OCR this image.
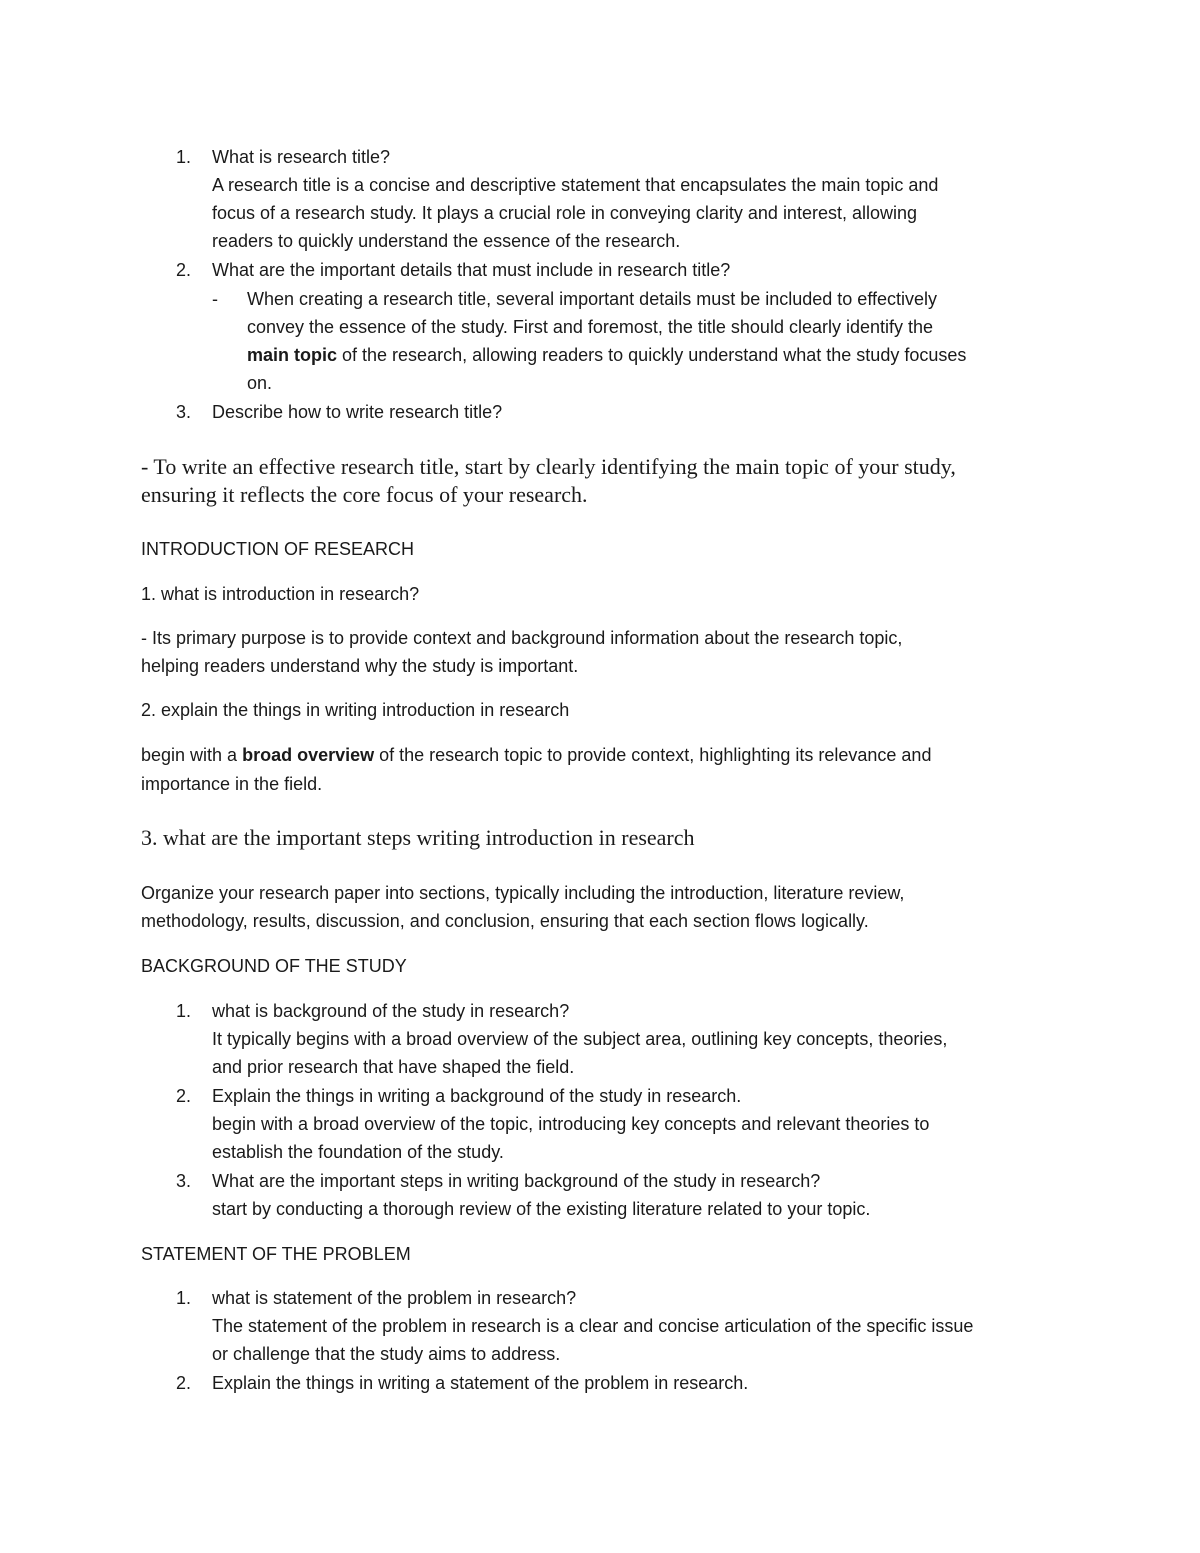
1. What is research title?
A research title is a concise and descriptive statement that encapsulates the main topic and
focus of a research study. It plays a crucial role in conveying clarity and interest, allowing
readers to quickly understand the essence of the research.
2. What are the important details that must include in research title?
- When creating a research title, several important details must be included to effectively
convey the essence of the study. First and foremost, the title should clearly identify the
main topic of the research, allowing readers to quickly understand what the study focuses
on.
3. Describe how to write research title?
- To write an effective research title, start by clearly identifying the main topic of your study,
ensuring it reflects the core focus of your research.
INTRODUCTION OF RESEARCH
1. what is introduction in research?
- Its primary purpose is to provide context and background information about the research topic,
helping readers understand why the study is important.
2. explain the things in writing introduction in research
begin with a broad overview of the research topic to provide context, highlighting its relevance and
importance in the field.
3. what are the important steps writing introduction in research
Organize your research paper into sections, typically including the introduction, literature review,
methodology, results, discussion, and conclusion, ensuring that each section flows logically.
BACKGROUND OF THE STUDY
1. what is background of the study in research?
It typically begins with a broad overview of the subject area, outlining key concepts, theories,
and prior research that have shaped the field.
2. Explain the things in writing a background of the study in research.
begin with a broad overview of the topic, introducing key concepts and relevant theories to
establish the foundation of the study.
3. What are the important steps in writing background of the study in research?
start by conducting a thorough review of the existing literature related to your topic.
STATEMENT OF THE PROBLEM
1. what is statement of the problem in research?
The statement of the problem in research is a clear and concise articulation of the specific issue
or challenge that the study aims to address.
2. Explain the things in writing a statement of the problem in research.
